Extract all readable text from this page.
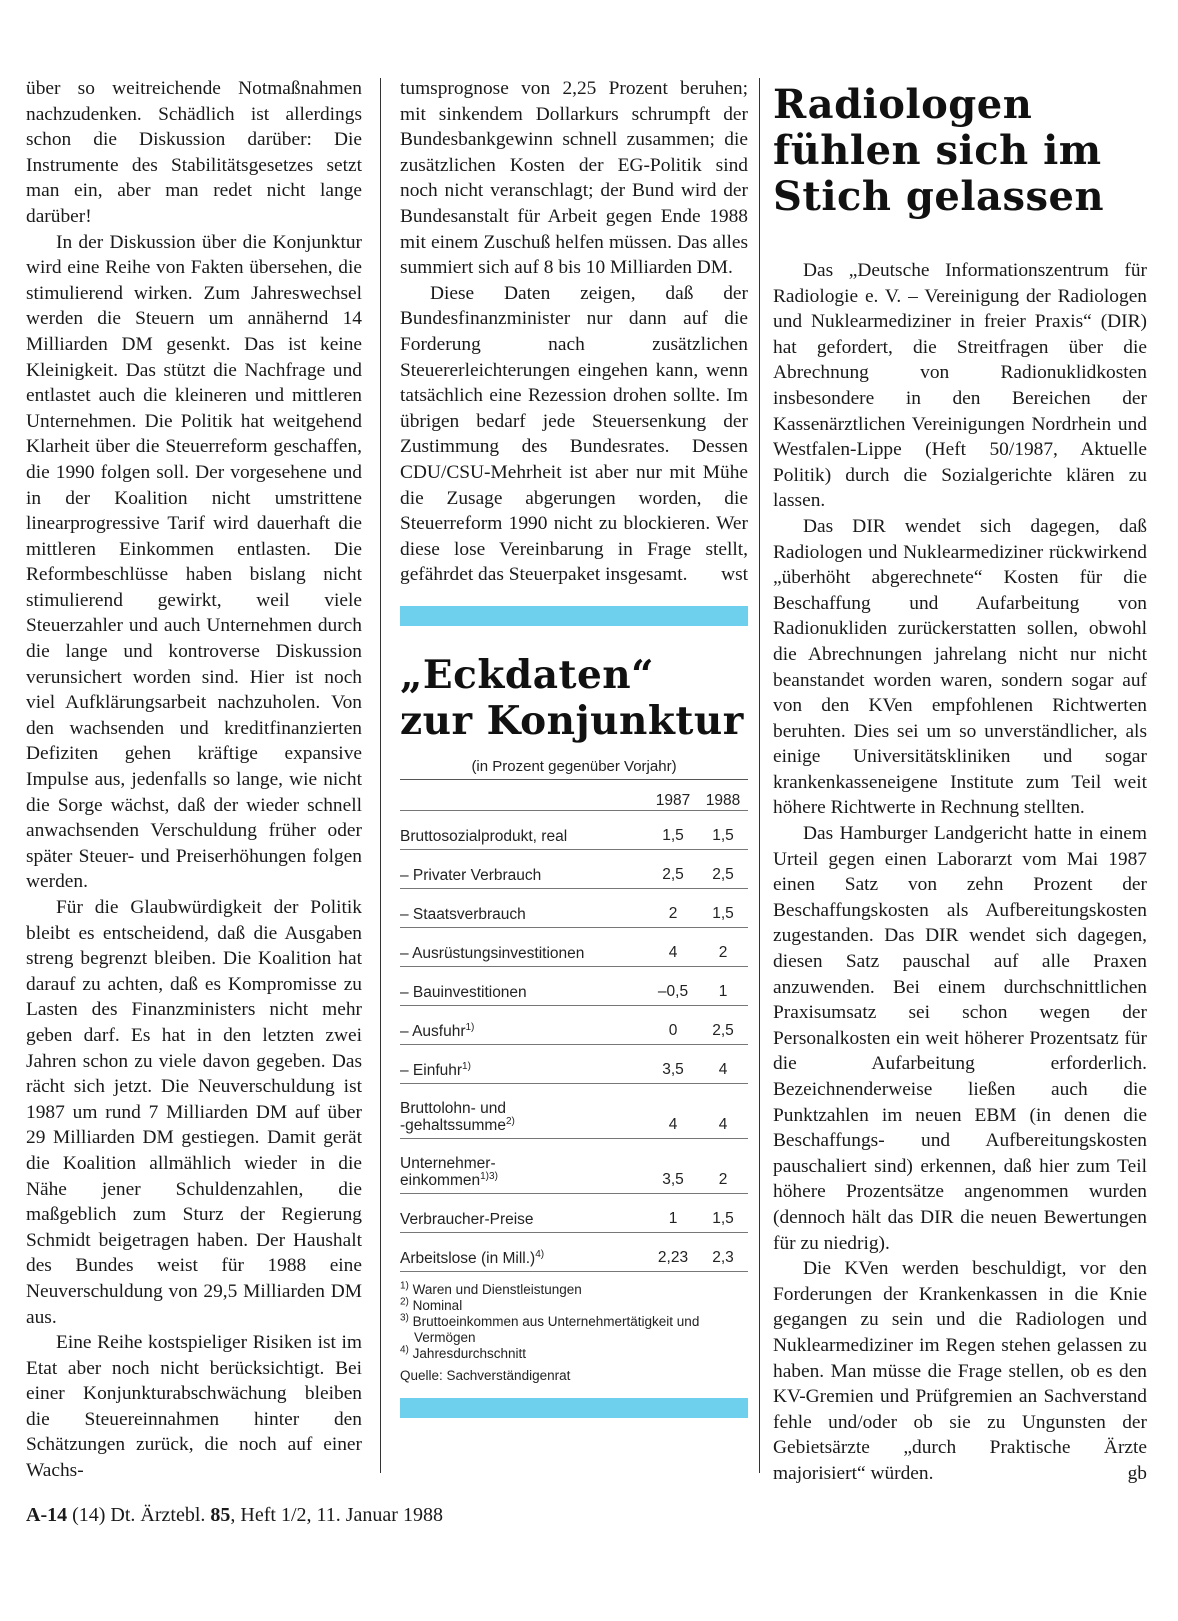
über so weitreichende Notmaßnahmen nachzudenken. Schädlich ist allerdings schon die Diskussion darüber: Die Instrumente des Stabilitätsgesetzes setzt man ein, aber man redet nicht lange darüber!

In der Diskussion über die Konjunktur wird eine Reihe von Fakten übersehen, die stimulierend wirken. Zum Jahreswechsel werden die Steuern um annähernd 14 Milliarden DM gesenkt. Das ist keine Kleinigkeit. Das stützt die Nachfrage und entlastet auch die kleineren und mittleren Unternehmen. Die Politik hat weitgehend Klarheit über die Steuerreform geschaffen, die 1990 folgen soll. Der vorgesehene und in der Koalition nicht umstrittene linearprogressive Tarif wird dauerhaft die mittleren Einkommen entlasten. Die Reformbeschlüsse haben bislang nicht stimulierend gewirkt, weil viele Steuerzahler und auch Unternehmen durch die lange und kontroverse Diskussion verunsichert worden sind. Hier ist noch viel Aufklärungsarbeit nachzuholen. Von den wachsenden und kreditfinanzierten Defiziten gehen kräftige expansive Impulse aus, jedenfalls so lange, wie nicht die Sorge wächst, daß der wieder schnell anwachsenden Verschuldung früher oder später Steuer- und Preiserhöhungen folgen werden.

Für die Glaubwürdigkeit der Politik bleibt es entscheidend, daß die Ausgaben streng begrenzt bleiben. Die Koalition hat darauf zu achten, daß es Kompromisse zu Lasten des Finanzministers nicht mehr geben darf. Es hat in den letzten zwei Jahren schon zu viele davon gegeben. Das rächt sich jetzt. Die Neuverschuldung ist 1987 um rund 7 Milliarden DM auf über 29 Milliarden DM gestiegen. Damit gerät die Koalition allmählich wieder in die Nähe jener Schuldenzahlen, die maßgeblich zum Sturz der Regierung Schmidt beigetragen haben. Der Haushalt des Bundes weist für 1988 eine Neuverschuldung von 29,5 Milliarden DM aus.

Eine Reihe kostspieliger Risiken ist im Etat aber noch nicht berücksichtigt. Bei einer Konjunkturabschwächung bleiben die Steuereinnahmen hinter den Schätzungen zurück, die noch auf einer Wachs-

tumsprognose von 2,25 Prozent beruhen; mit sinkendem Dollarkurs schrumpft der Bundesbankgewinn schnell zusammen; die zusätzlichen Kosten der EG-Politik sind noch nicht veranschlagt; der Bund wird der Bundesanstalt für Arbeit gegen Ende 1988 mit einem Zuschuß helfen müssen. Das alles summiert sich auf 8 bis 10 Milliarden DM.

Diese Daten zeigen, daß der Bundesfinanzminister nur dann auf die Forderung nach zusätzlichen Steuererleichterungen eingehen kann, wenn tatsächlich eine Rezession drohen sollte. Im übrigen bedarf jede Steuersenkung der Zustimmung des Bundesrates. Dessen CDU/CSU-Mehrheit ist aber nur mit Mühe die Zusage abgerungen worden, die Steuerreform 1990 nicht zu blockieren. Wer diese lose Vereinbarung in Frage stellt, gefährdet das Steuerpaket insgesamt.	wst

„Eckdaten“
zur Konjunktur
(in Prozent gegenüber Vorjahr)
	1987	1988
Bruttosozialprodukt, real	1,5	1,5
– Privater Verbrauch	2,5	2,5
– Staatsverbrauch	2	1,5
– Ausrüstungsinvestitionen	4	2
– Bauinvestitionen	–0,5	1
– Ausfuhr$^{1)}$	0	2,5
– Einfuhr$^{1)}$	3,5	4
Bruttolohn- und
-gehaltssumme$^{2)}$	4	4
Unternehmer-
einkommen$^{1)3)}$	3,5	2
Verbraucher-Preise	1	1,5
Arbeitslose (in Mill.)$^{4)}$	2,23	2,3
$^{1)}$ Waren und Dienstleistungen
$^{2)}$ Nominal
$^{3)}$ Bruttoeinkommen aus Unternehmertätigkeit und Vermögen
$^{4)}$ Jahresdurchschnitt
Quelle: Sachverständigenrat
Radiologen
fühlen sich im
Stich gelassen

Das „Deutsche Informationszentrum für Radiologie e. V. – Vereinigung der Radiologen und Nuklearmediziner in freier Praxis“ (DIR) hat gefordert, die Streitfragen über die Abrechnung von Radionuklidkosten insbesondere in den Bereichen der Kassenärztlichen Vereinigungen Nordrhein und Westfalen-Lippe (Heft 50/1987, Aktuelle Politik) durch die Sozialgerichte klären zu lassen.

Das DIR wendet sich dagegen, daß Radiologen und Nuklearmediziner rückwirkend „überhöht abgerechnete“ Kosten für die Beschaffung und Aufarbeitung von Radionukliden zurückerstatten sollen, obwohl die Abrechnungen jahrelang nicht nur nicht beanstandet worden waren, sondern sogar auf von den KVen empfohlenen Richtwerten beruhten. Dies sei um so unverständlicher, als einige Universitätskliniken und sogar krankenkasseneigene Institute zum Teil weit höhere Richtwerte in Rechnung stellten.

Das Hamburger Landgericht hatte in einem Urteil gegen einen Laborarzt vom Mai 1987 einen Satz von zehn Prozent der Beschaffungskosten als Aufbereitungskosten zugestanden. Das DIR wendet sich dagegen, diesen Satz pauschal auf alle Praxen anzuwenden. Bei einem durchschnittlichen Praxisumsatz sei schon wegen der Personalkosten ein weit höherer Prozentsatz für die Aufarbeitung erforderlich. Bezeichnenderweise ließen auch die Punktzahlen im neuen EBM (in denen die Beschaffungs- und Aufbereitungskosten pauschaliert sind) erkennen, daß hier zum Teil höhere Prozentsätze angenommen wurden (dennoch hält das DIR die neuen Bewertungen für zu niedrig).

Die KVen werden beschuldigt, vor den Forderungen der Krankenkassen in die Knie gegangen zu sein und die Radiologen und Nuklearmediziner im Regen stehen gelassen zu haben. Man müsse die Frage stellen, ob es den KV-Gremien und Prüfgremien an Sachverstand fehle und/oder ob sie zu Ungunsten der Gebietsärzte „durch Praktische Ärzte majorisiert“ würden.	gb

A-14 (14) Dt. Ärztebl. 85, Heft 1/2, 11. Januar 1988
